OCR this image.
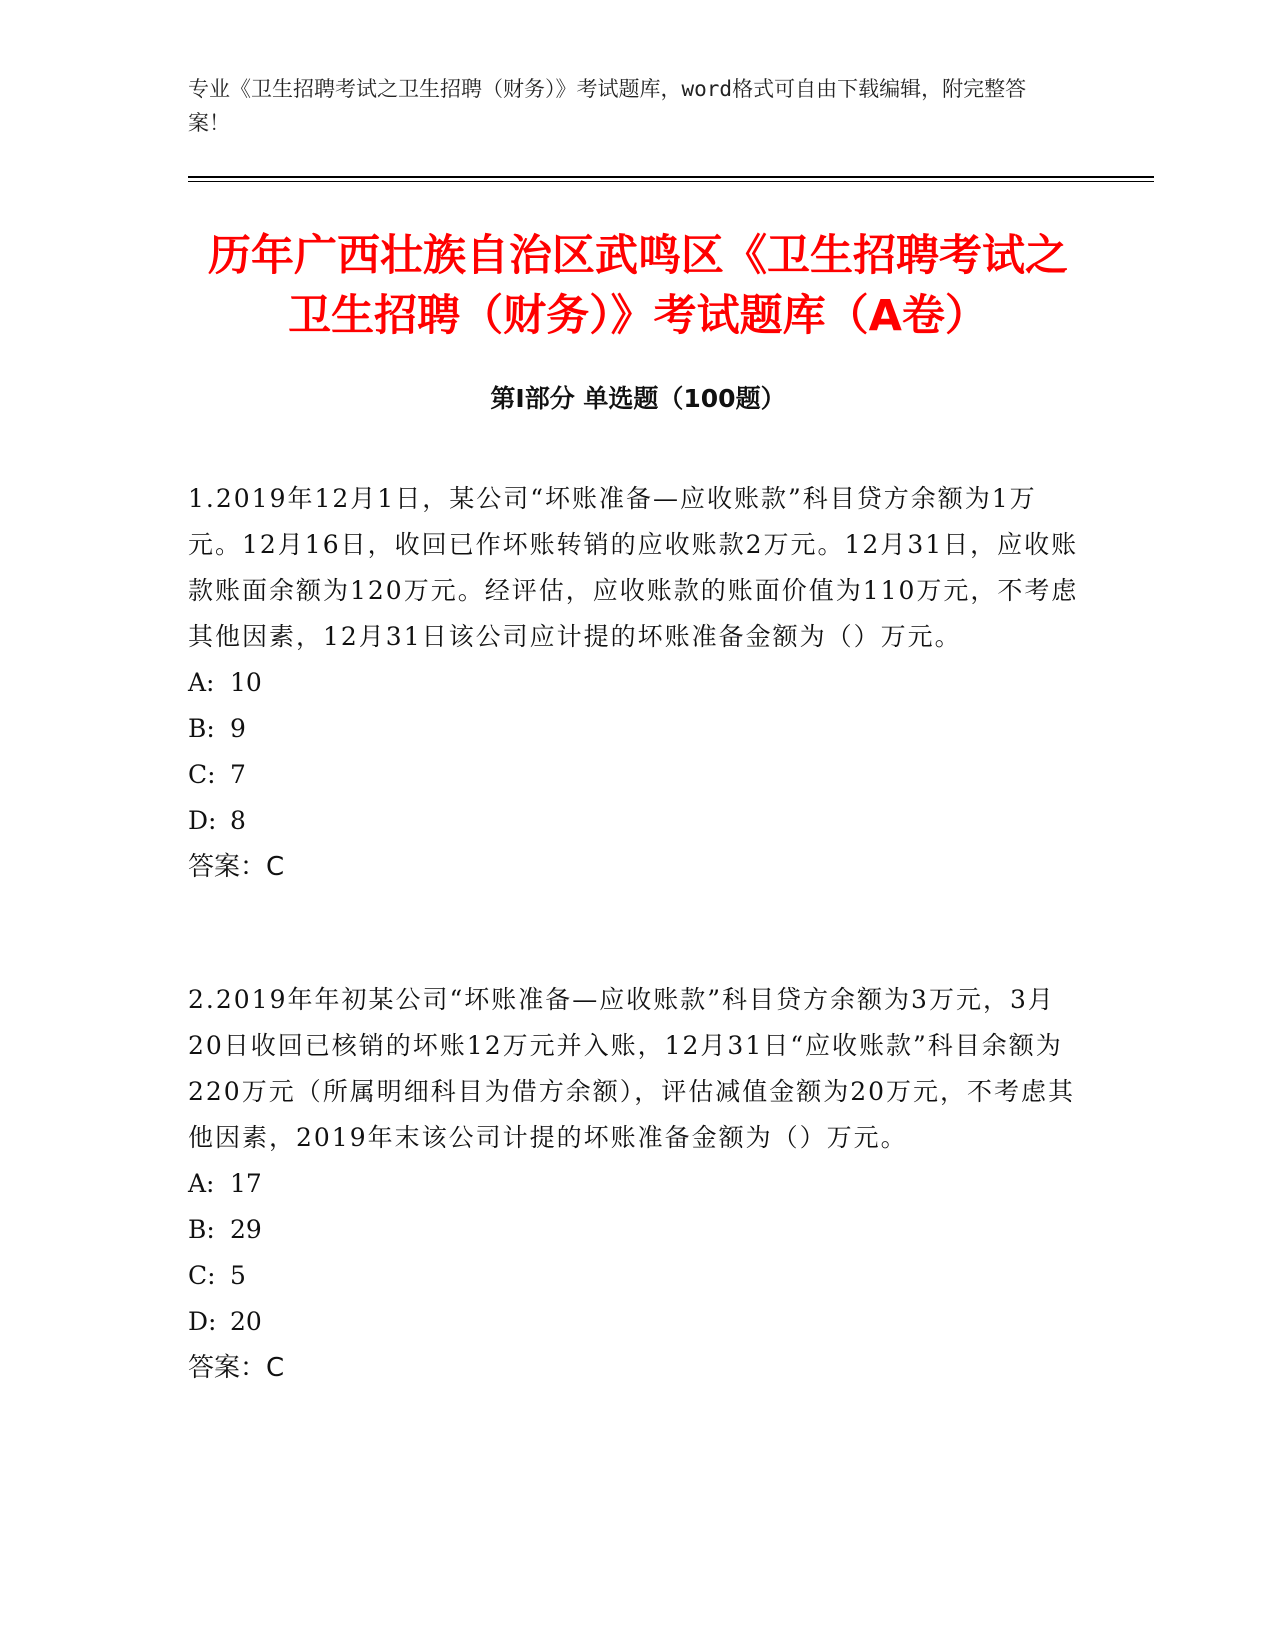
专业《卫生招聘考试之卫生招聘（财务）》考试题库，word格式可自由下载编辑，附完整答案！
历年广西壮族自治区武鸣区《卫生招聘考试之卫生招聘（财务）》考试题库（A卷）
第Ⅰ部分 单选题（100题）

1.2019年12月1日，某公司“坏账准备—应收账款”科目贷方余额为1万元。12月16日，收回已作坏账转销的应收账款2万元。12月31日，应收账款账面余额为120万元。经评估，应收账款的账面价值为110万元，不考虑其他因素，12月31日该公司应计提的坏账准备金额为（）万元。

A: 10

B: 9

C: 7

D: 8

答案：C

2.2019年年初某公司“坏账准备—应收账款”科目贷方余额为3万元，3月20日收回已核销的坏账12万元并入账，12月31日“应收账款”科目余额为220万元（所属明细科目为借方余额），评估减值金额为20万元，不考虑其他因素，2019年末该公司计提的坏账准备金额为（）万元。

A: 17

B: 29

C: 5

D: 20

答案：C
